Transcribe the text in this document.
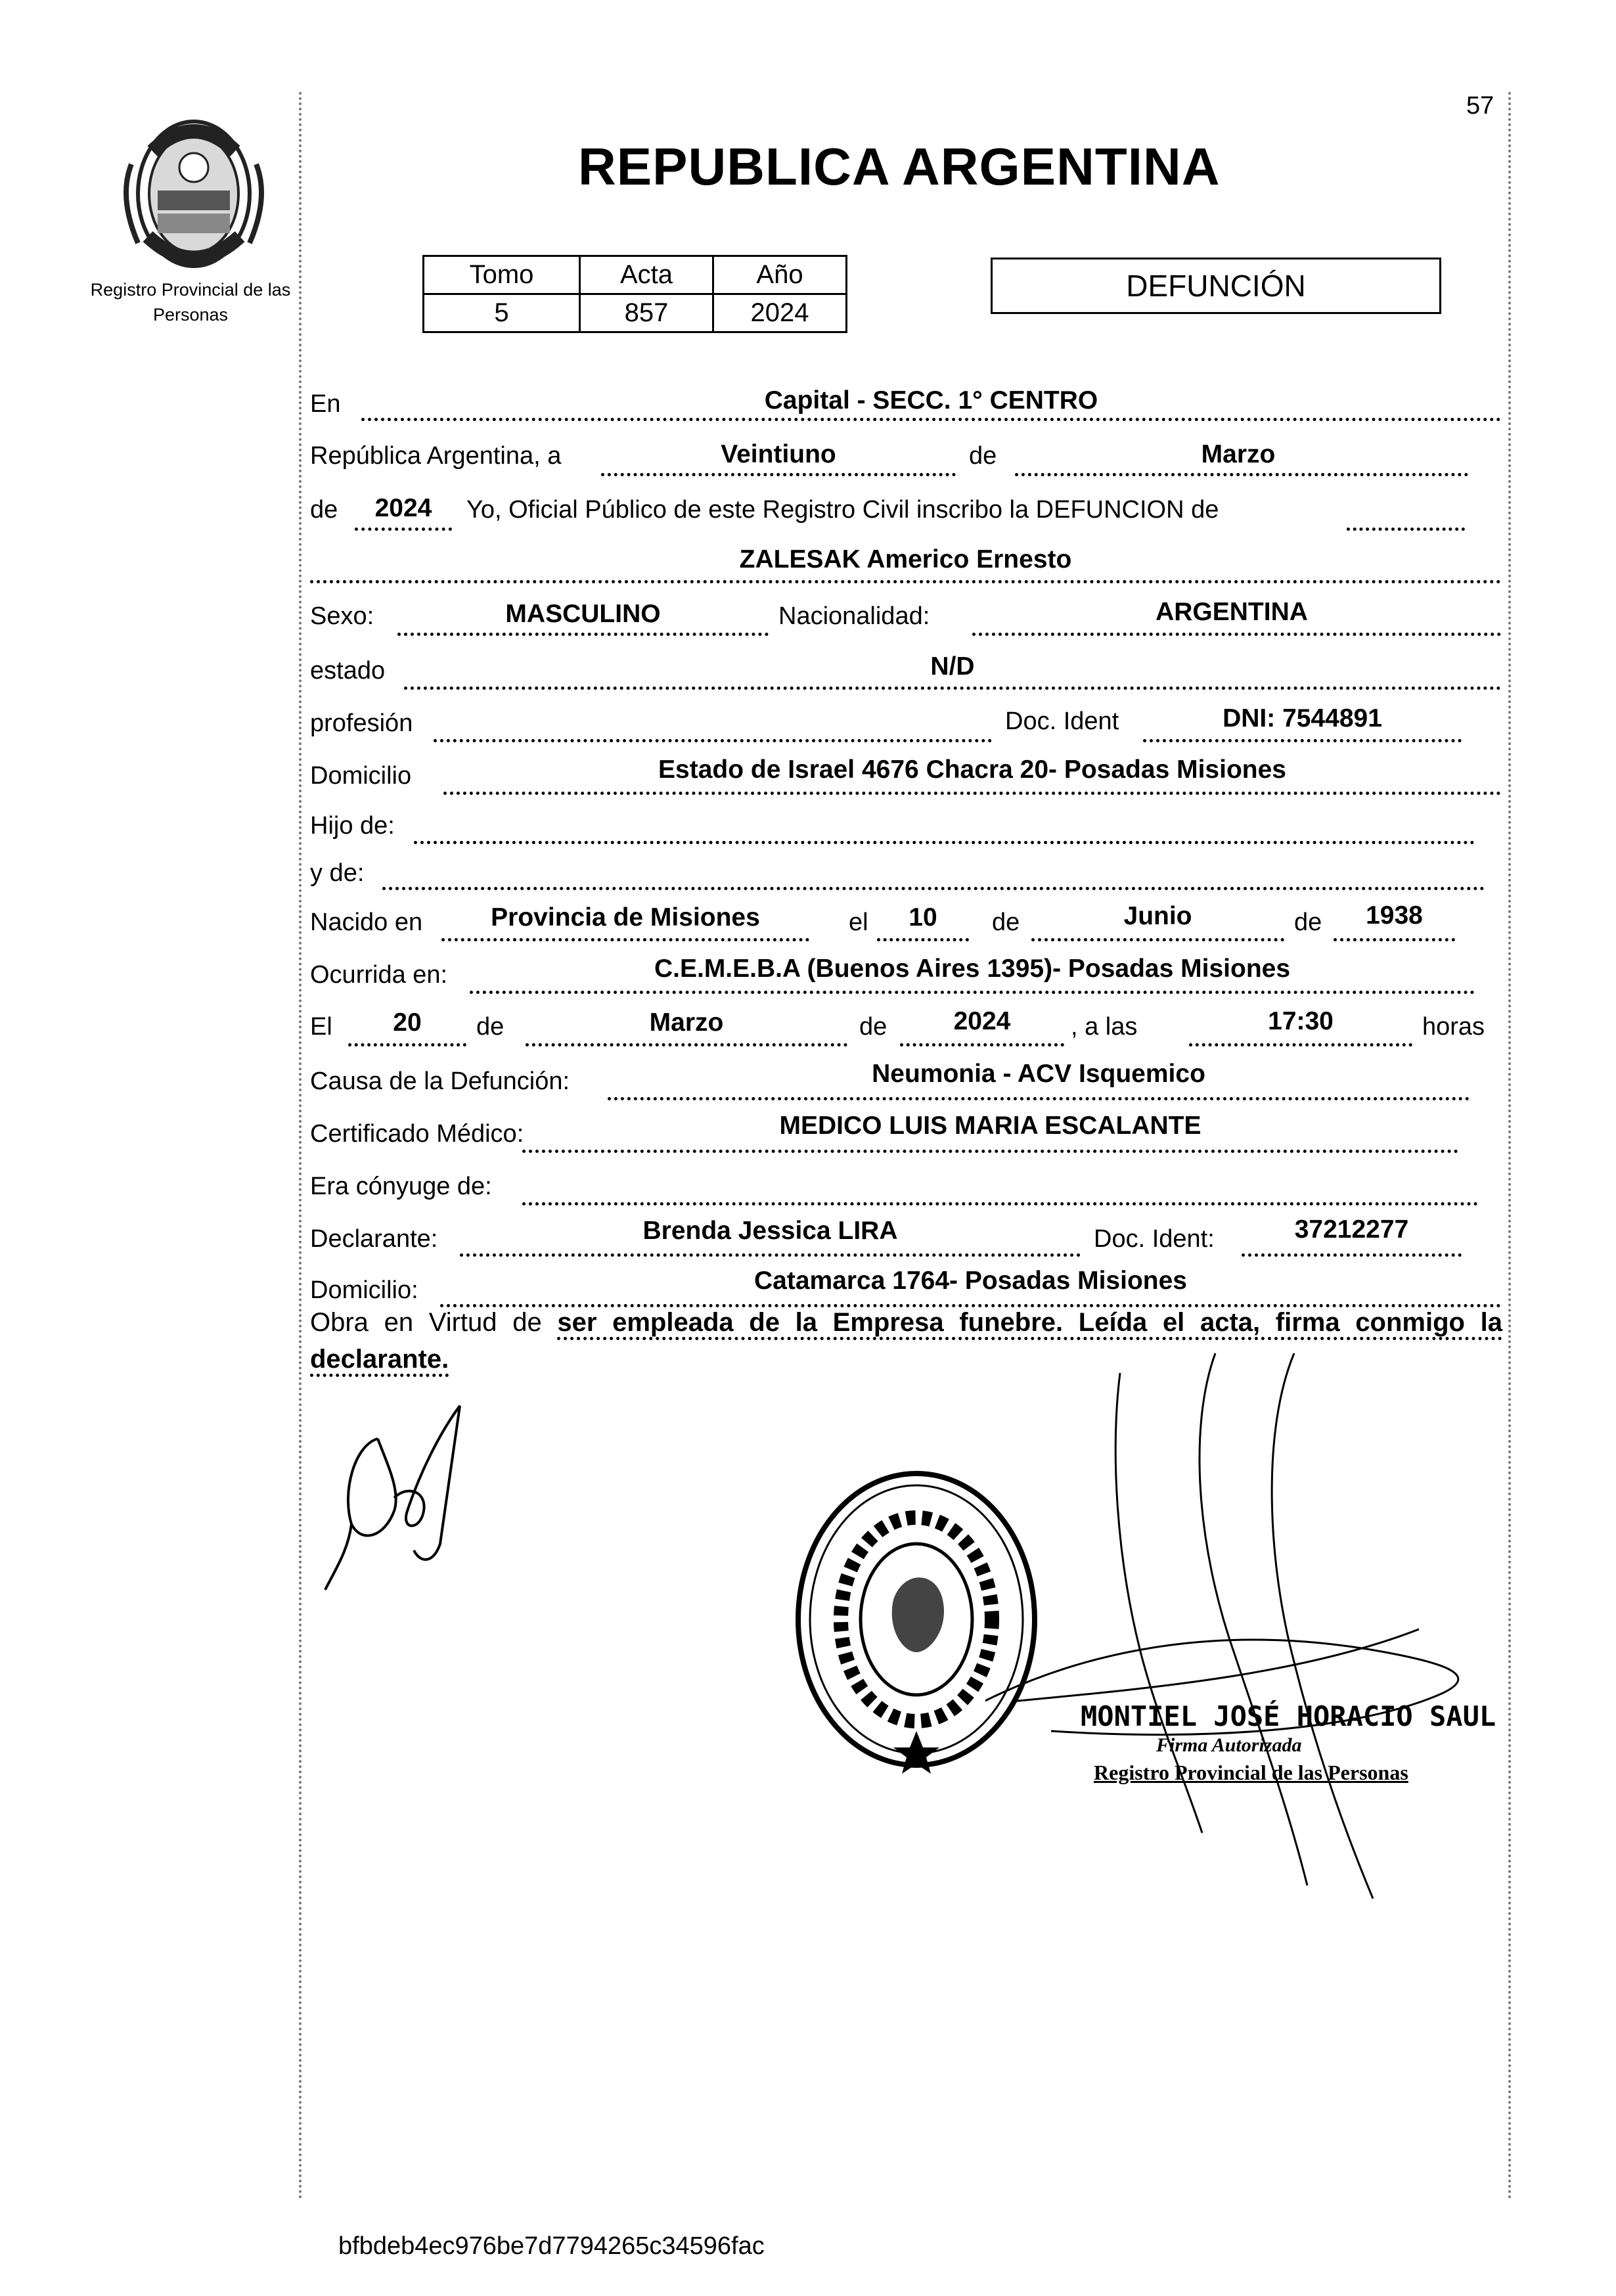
57
Registro Provincial de las Personas
REPUBLICA ARGENTINA
Tomo	Acta	Año
5	857	2024
DEFUNCIÓN
En	Capital - SECC. 1° CENTRO
República Argentina, a	Veintiuno	de	Marzo
de	2024	Yo, Oficial Público de este Registro Civil inscribo la DEFUNCION de
ZALESAK Americo Ernesto
Sexo:	MASCULINO	Nacionalidad:	ARGENTINA
estado	N/D
profesión	Doc. Ident	DNI: 7544891
Domicilio	Estado de Israel 4676 Chacra 20- Posadas Misiones
Hijo de:
y de:
Nacido en	Provincia de Misiones	el	10	de	Junio	de	1938
Ocurrida en:	C.E.M.E.B.A (Buenos Aires 1395)- Posadas Misiones
El	20	de	Marzo	de	2024	, a las	17:30	horas
Causa de la Defunción:	Neumonia - ACV Isquemico
Certificado Médico:	MEDICO LUIS MARIA ESCALANTE
Era cónyuge de:
Declarante:	Brenda Jessica LIRA	Doc. Ident:	37212277
Domicilio:	Catamarca 1764- Posadas Misiones
Obra en Virtud de ser empleada de la Empresa funebre. Leída el acta, firma conmigo la declarante.
MONTIEL JOSÉ HORACIO SAUL
Firma Autorizada
Registro Provincial de las Personas
bfbdeb4ec976be7d7794265c34596fac
